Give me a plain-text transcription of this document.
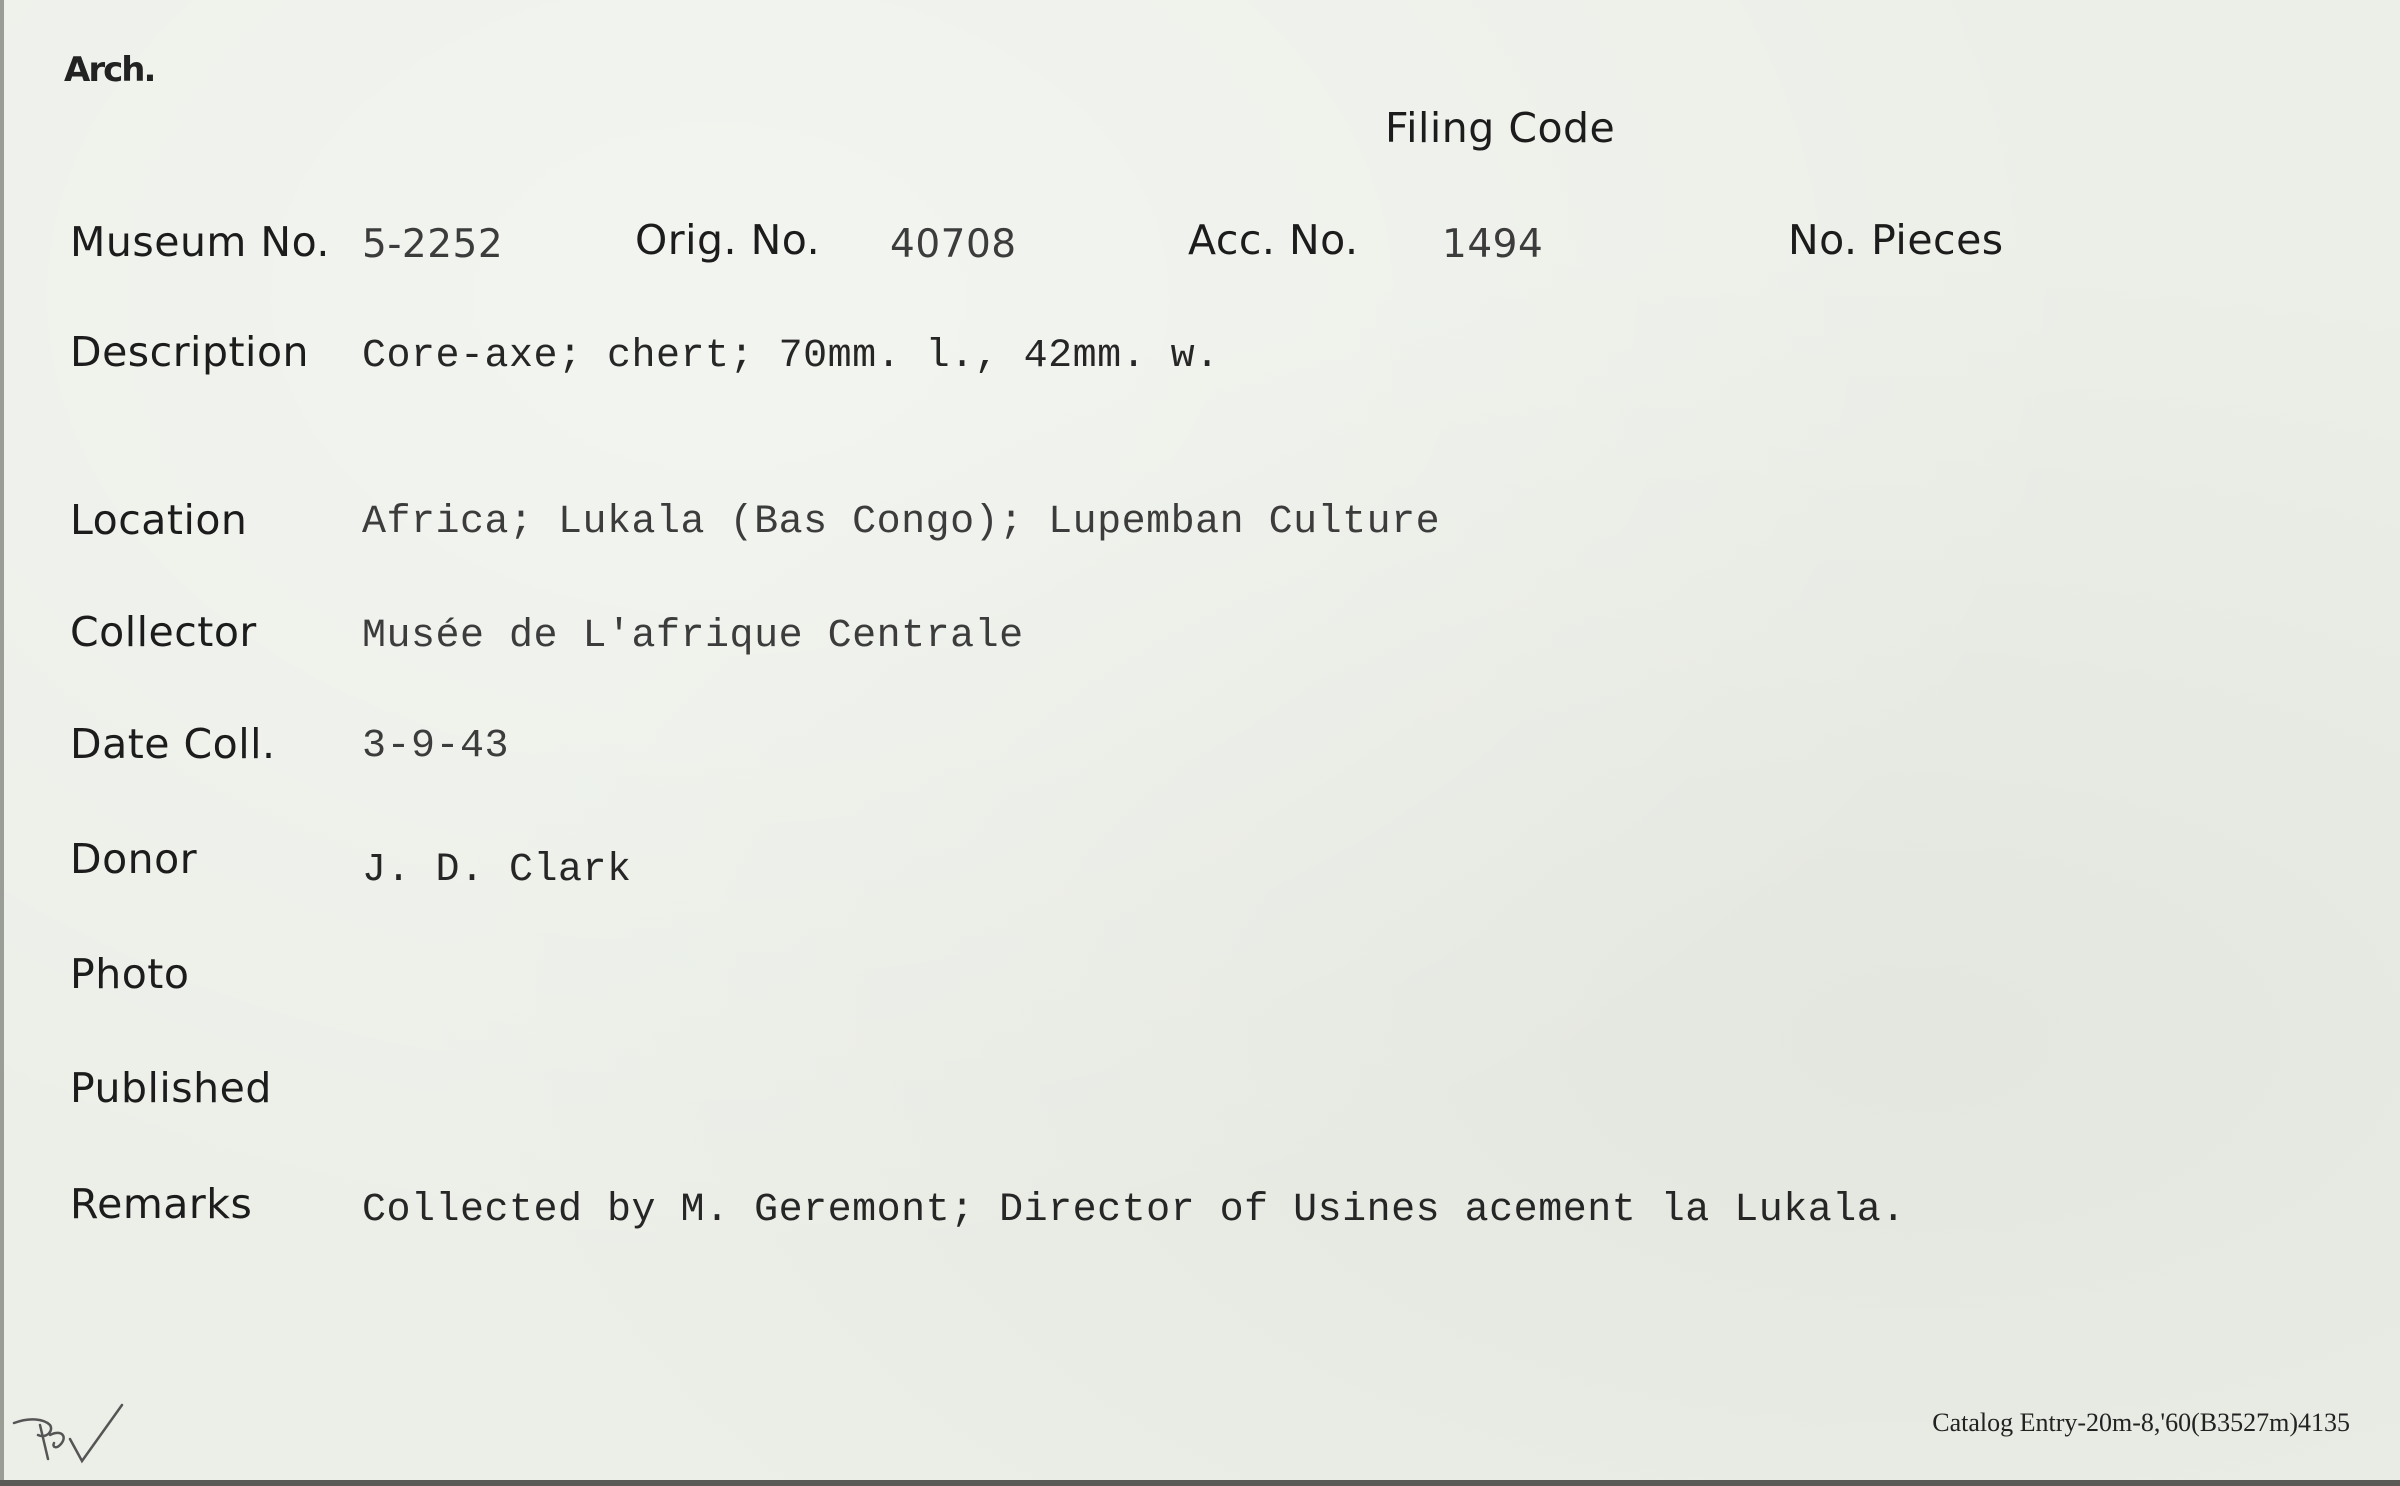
Arch.
Filing Code
Museum No. 5-2252	Orig. No. 40708	Acc. No. 1494	No. Pieces
Description Core-axe; chert; 70mm. l., 42mm. w.
Location	Africa; Lukala (Bas Congo); Lupemban Culture
Collector	Musée de L'afrique Centrale
Date Coll. 3-9-43
Donor	J. D. Clark
Photo
Published
Remarks	Collected by M. Geremont; Director of Usines acement la Lukala.
Catalog Entry-20m-8,'60(B3527m)4135
